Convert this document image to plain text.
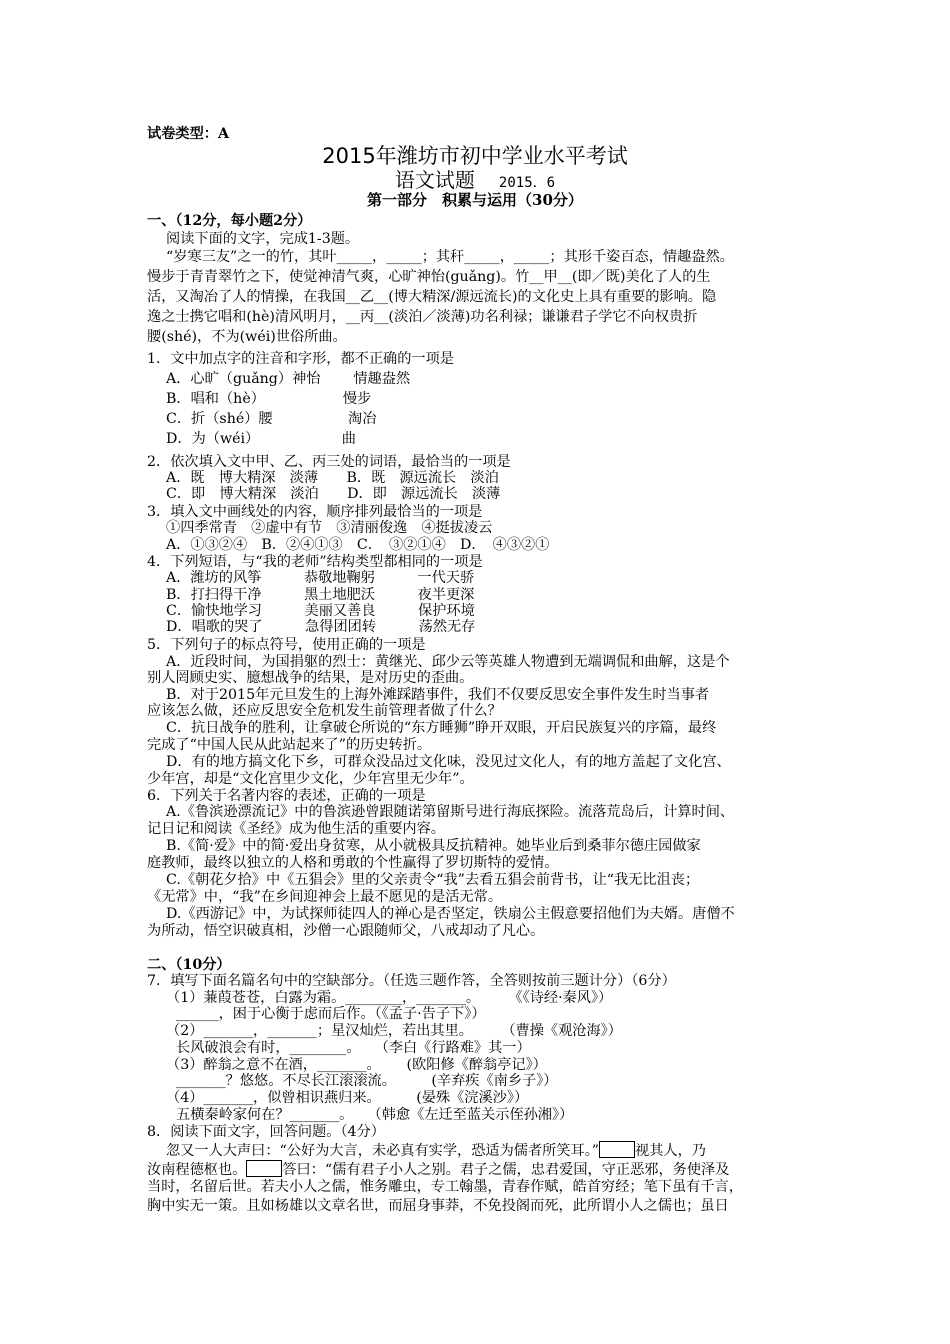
试卷类型：A
2015年潍坊市初中学业水平考试
语文试题 2015．6
第一部分　积累与运用（30分）
一、（12分，每小题2分）
阅读下面的文字，完成1-3题。
“岁寒三友”之一的竹，其叶_____，_____；其秆_____，_____；其形千姿百态，情趣盎然。
慢步于青青翠竹之下，使觉神清气爽，心旷神怡(guǎng)。竹__甲__(即／既)美化了人的生
活，又淘冶了人的情操，在我国__乙__(博大精深/源远流长)的文化史上具有重要的影响。隐
逸之士携它唱和(hè)清风明月，__丙__(淡泊／淡薄)功名利禄；谦谦君子学它不向权贵折
腰(shé)，不为(wéi)世俗所曲。
1．文中加点字的注音和字形，都不正确的一项是
A．心旷（guǎng）神怡　　 情趣盎然
B．唱和（hè）　　　　　　慢步
C．折（shé）腰　　　　　 淘冶
D．为（wéi）　　　　　　 曲
2．依次填入文中甲、乙、丙三处的词语，最恰当的一项是
A．既　博大精深　淡薄　　B．既　源远流长　淡泊
C．即　博大精深　淡泊　　D．即　源远流长　淡薄
3．填入文中画线处的内容，顺序排列最恰当的一项是
①四季常青　②虚中有节　③清丽俊逸　④挺拔凌云
A．①③②④　B．②④①③　C．　③②①④　D．　④③②①
4．下列短语，与“我的老师”结构类型都相同的一项是
A．潍坊的风筝　　　恭敬地鞠躬　　　一代天骄
B．打扫得干净　　　黑土地肥沃　　　夜半更深
C．愉快地学习　　　美丽又善良　　　保护环境
D．唱歌的哭了　　　急得团团转　　　荡然无存
5．下列句子的标点符号，使用正确的一项是
A．近段时间，为国捐躯的烈士：黄继光、邱少云等英雄人物遭到无端调侃和曲解，这是个
别人罔顾史实、臆想战争的结果，是对历史的歪曲。
B．对于2015年元旦发生的上海外滩踩踏事件，我们不仅要反思安全事件发生时当事者
应该怎么做，还应反思安全危机发生前管理者做了什么？
C．抗日战争的胜利，让拿破仑所说的“东方睡狮”睁开双眼，开启民族复兴的序篇，最终
完成了“中国人民从此站起来了”的历史转折。
D．有的地方搞文化下乡，可群众没品过文化味，没见过文化人，有的地方盖起了文化宫、
少年宫，却是“文化宫里少文化，少年宫里无少年”。
6．下列关于名著内容的表述，正确的一项是
A.《鲁滨逊漂流记》中的鲁滨逊曾跟随诺第留斯号进行海底探险。流落荒岛后，计算时间、
记日记和阅读《圣经》成为他生活的重要内容。
B.《简·爱》中的简·爱出身贫寒，从小就极具反抗精神。她毕业后到桑菲尔德庄园做家
庭教师，最终以独立的人格和勇敢的个性赢得了罗切斯特的爱情。
C.《朝花夕拾》中《五猖会》里的父亲责令“我”去看五猖会前背书，让“我无比沮丧；
《无常》中，“我”在乡间迎神会上最不愿见的是活无常。
D.《西游记》中，为试探师徒四人的禅心是否坚定，铁扇公主假意要招他们为夫婿。唐僧不
为所动，悟空识破真相，沙僧一心跟随师父，八戒却动了凡心。
二、（10分）
7．填写下面名篇名句中的空缺部分。（任选三题作答，全答则按前三题计分）（6分）
（1）蒹葭苍苍，白露为霜。________，_______。　　　《《诗经·秦风》）
______，困于心衡于虑而后作。（《孟子·告子下》）
（2）_______，_______；星汉灿烂，若出其里。　　　（曹操《观沧海》）
长风破浪会有时，________。　　（李白《行路难》其一）
（3）醉翁之意不在酒，_______。　　 (欧阳修《醉翁亭记》）
_______？悠悠。不尽长江滚滚流。　　　(辛弃疾《南乡子》）
（4）_______，似曾相识燕归来。　　　(晏殊《浣溪沙》）
五横秦岭家何在？_______。　　（韩愈《左迁至蓝关示侄孙湘》）
8．阅读下面文字，回答问题。（4分）
忽又一人大声曰：“公好为大言，未必真有实学，恐适为儒者所笑耳。”	视其人，乃
汝南程德枢也。	答曰：“儒有君子小人之别。君子之儒，忠君爱国，守正恶邪，务使泽及
当时，名留后世。若夫小人之儒，惟务雕虫，专工翰墨，青春作赋，皓首穷经；笔下虽有千言，
胸中实无一策。且如杨雄以文章名世，而屈身事莽，不免投阁而死，此所谓小人之儒也；虽日
